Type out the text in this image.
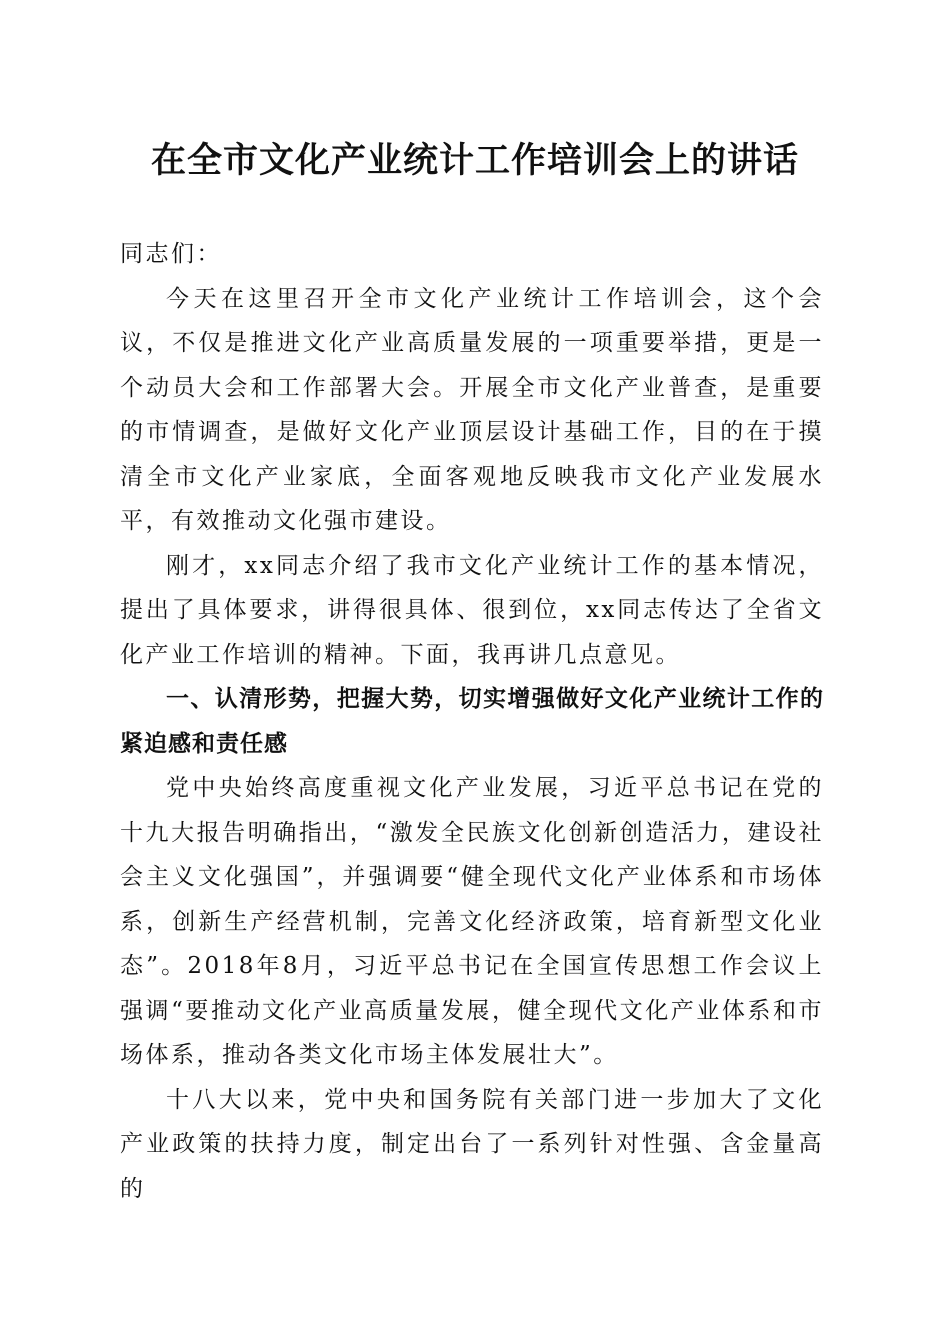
在全市文化产业统计工作培训会上的讲话

同志们：

今天在这里召开全市文化产业统计工作培训会，这个会议，不仅是推进文化产业高质量发展的一项重要举措，更是一个动员大会和工作部署大会。开展全市文化产业普查，是重要的市情调查，是做好文化产业顶层设计基础工作，目的在于摸清全市文化产业家底，全面客观地反映我市文化产业发展水平，有效推动文化强市建设。

刚才，xx同志介绍了我市文化产业统计工作的基本情况，提出了具体要求，讲得很具体、很到位，xx同志传达了全省文化产业工作培训的精神。下面，我再讲几点意见。

一、认清形势，把握大势，切实增强做好文化产业统计工作的紧迫感和责任感

党中央始终高度重视文化产业发展，习近平总书记在党的十九大报告明确指出，“激发全民族文化创新创造活力，建设社会主义文化强国”，并强调要“健全现代文化产业体系和市场体系，创新生产经营机制，完善文化经济政策，培育新型文化业态”。2018年8月，习近平总书记在全国宣传思想工作会议上强调“要推动文化产业高质量发展，健全现代文化产业体系和市场体系，推动各类文化市场主体发展壮大”。

十八大以来，党中央和国务院有关部门进一步加大了文化产业政策的扶持力度，制定出台了一系列针对性强、含金量高的
